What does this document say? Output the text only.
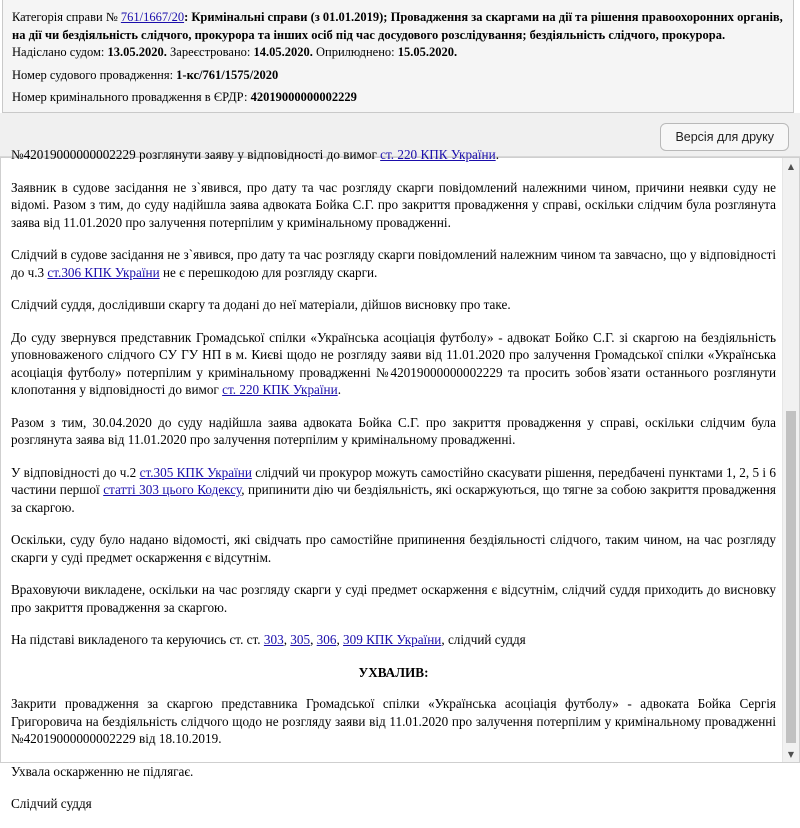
Категорія справи № 761/1667/20: Кримінальні справи (з 01.01.2019); Провадження за скаргами на дії та рішення правоохоронних органів, на дії чи бездіяльність слідчого, прокурора та інших осіб під час досудового розслідування; бездіяльність слідчого, прокурора.
Надіслано судом: 13.05.2020. Зареєстровано: 14.05.2020. Оприлюднено: 15.05.2020.
Номер судового провадження: 1-кс/761/1575/2020
Номер кримінального провадження в ЄРДР: 42019000000002229
Версія для друку

№42019000000002229 розглянути заяву у відповідності до вимог ст. 220 КПК України.

Заявник в судове засідання не з`явився, про дату та час розгляду скарги повідомлений належними чином, причини неявки суду не відомі. Разом з тим, до суду надійшла заява адвоката Бойка С.Г. про закриття провадження у справі, оскільки слідчим була розглянута заява від 11.01.2020 про залучення потерпілим у кримінальному провадженні.

Слідчий в судове засідання не з`явився, про дату та час розгляду скарги повідомлений належним чином та завчасно, що у відповідності до ч.3 ст.306 КПК України не є перешкодою для розгляду скарги.

Слідчий суддя, дослідивши скаргу та додані до неї матеріали, дійшов висновку про таке.

До суду звернувся представник Громадської спілки «Українська асоціація футболу» - адвокат Бойко С.Г. зі скаргою на бездіяльність уповноваженого слідчого СУ ГУ НП в м. Києві щодо не розгляду заяви від 11.01.2020 про залучення Громадської спілки «Українська асоціація футболу» потерпілим у кримінальному провадженні №42019000000002229 та просить зобов`язати останнього розглянути клопотання у відповідності до вимог ст. 220 КПК України.

Разом з тим, 30.04.2020 до суду надійшла заява адвоката Бойка С.Г. про закриття провадження у справі, оскільки слідчим була розглянута заява від 11.01.2020 про залучення потерпілим у кримінальному провадженні.

У відповідності до ч.2 ст.305 КПК України слідчий чи прокурор можуть самостійно скасувати рішення, передбачені пунктами 1, 2, 5 і 6 частини першої статті 303 цього Кодексу, припинити дію чи бездіяльність, які оскаржуються, що тягне за собою закриття провадження за скаргою.

Оскільки, суду було надано відомості, які свідчать про самостійне припинення бездіяльності слідчого, таким чином, на час розгляду скарги у суді предмет оскарження є відсутнім.

Враховуючи викладене, оскільки на час розгляду скарги у суді предмет оскарження є відсутнім, слідчий суддя приходить до висновку про закриття провадження за скаргою.

На підставі викладеного та керуючись ст. ст. 303, 305, 306, 309 КПК України, слідчий суддя

УХВАЛИВ:

Закрити провадження за скаргою представника Громадської спілки «Українська асоціація футболу» - адвоката Бойка Сергія Григоровича на бездіяльність слідчого щодо не розгляду заяви від 11.01.2020 про залучення потерпілим у кримінальному провадженні №42019000000002229 від 18.10.2019.

Ухвала оскарженню не підлягає.

Слідчий суддя

▲
▼
